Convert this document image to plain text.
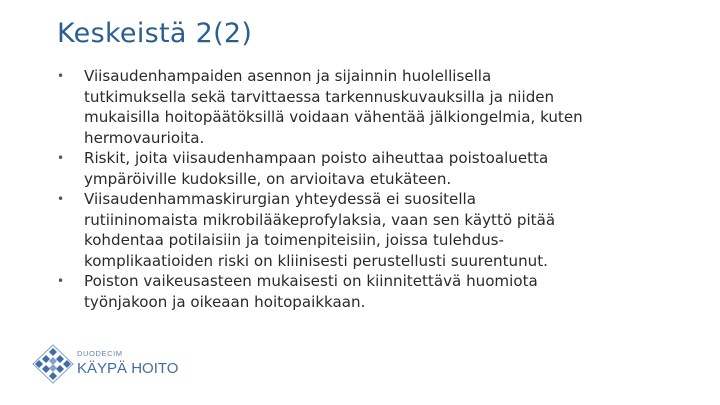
Keskeistä 2(2)
•	Viisaudenhampaiden asennon ja sijainnin huolellisella
tutkimuksella sekä tarvittaessa tarkennuskuvauksilla ja niiden
mukaisilla hoitopäätöksillä voidaan vähentää jälkiongelmia, kuten
hermovaurioita.
•	Riskit, joita viisaudenhampaan poisto aiheuttaa poistoaluetta
ympäröiville kudoksille, on arvioitava etukäteen.
•	Viisaudenhammaskirurgian yhteydessä ei suositella
rutiininomaista mikrobilääkeprofylaksia, vaan sen käyttö pitää
kohdentaa potilaisiin ja toimenpiteisiin, joissa tulehdus-
komplikaatioiden riski on kliinisesti perustellusti suurentunut.
•	Poiston vaikeusasteen mukaisesti on kiinnitettävä huomiota
työnjakoon ja oikeaan hoitopaikkaan.
DUODECIM
KÄYPÄ HOITO
